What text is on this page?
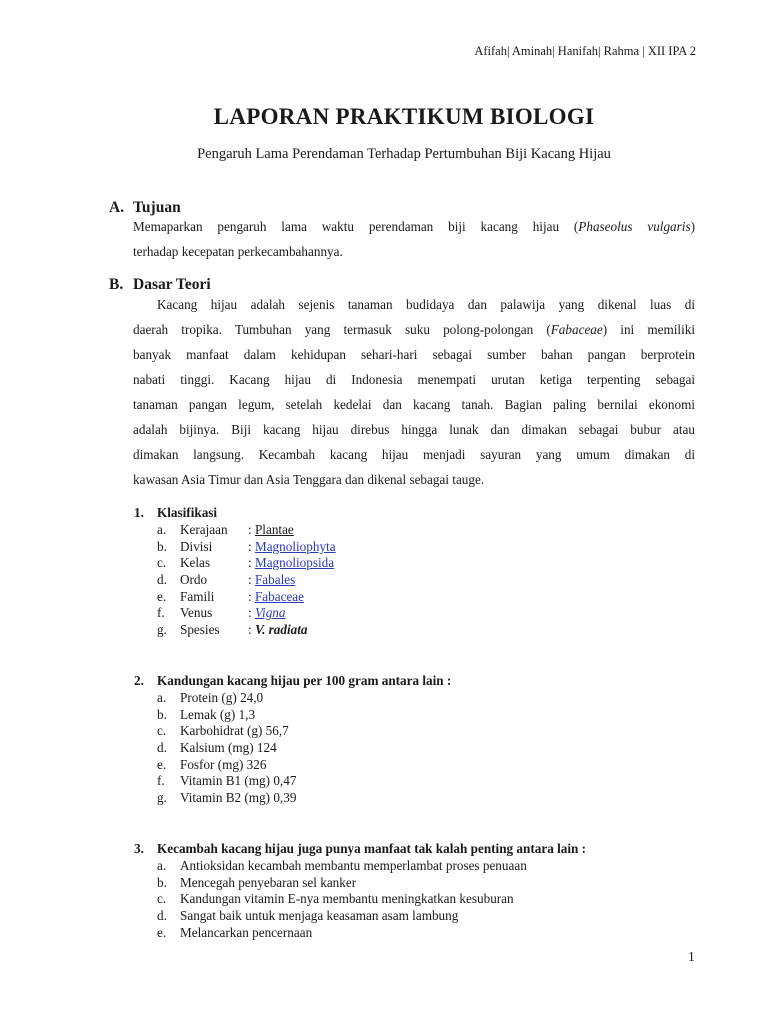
Afifah| Aminah| Hanifah| Rahma | XII IPA 2
LAPORAN PRAKTIKUM BIOLOGI
Pengaruh Lama Perendaman Terhadap Pertumbuhan Biji Kacang Hijau
A. Tujuan
Memaparkan pengaruh lama waktu perendaman biji kacang hijau (Phaseolus vulgaris)
terhadap kecepatan perkecambahannya.
B. Dasar Teori
Kacang hijau adalah sejenis tanaman budidaya dan palawija yang dikenal luas di
daerah tropika. Tumbuhan yang termasuk suku polong-polongan (Fabaceae) ini memiliki
banyak manfaat dalam kehidupan sehari-hari sebagai sumber bahan pangan berprotein
nabati tinggi. Kacang hijau di Indonesia menempati urutan ketiga terpenting sebagai
tanaman pangan legum, setelah kedelai dan kacang tanah. Bagian paling bernilai ekonomi
adalah bijinya. Biji kacang hijau direbus hingga lunak dan dimakan sebagai bubur atau
dimakan langsung. Kecambah kacang hijau menjadi sayuran yang umum dimakan di
kawasan Asia Timur dan Asia Tenggara dan dikenal sebagai tauge.
1. Klasifikasi
a. Kerajaan : Plantae
b. Divisi	: Magnoliophyta
c. Kelas	: Magnoliopsida
d. Ordo	: Fabales
e. Famili	: Fabaceae
f. Venus	: Vigna
g. Spesies : V. radiata
2. Kandungan kacang hijau per 100 gram antara lain :
a. Protein (g) 24,0
b. Lemak (g) 1,3
c. Karbohidrat (g) 56,7
d. Kalsium (mg) 124
e. Fosfor (mg) 326
f. Vitamin B1 (mg) 0,47
g. Vitamin B2 (mg) 0,39
3. Kecambah kacang hijau juga punya manfaat tak kalah penting antara lain :
a. Antioksidan kecambah membantu memperlambat proses penuaan
b. Mencegah penyebaran sel kanker
c. Kandungan vitamin E-nya membantu meningkatkan kesuburan
d. Sangat baik untuk menjaga keasaman asam lambung
e. Melancarkan pencernaan
1
